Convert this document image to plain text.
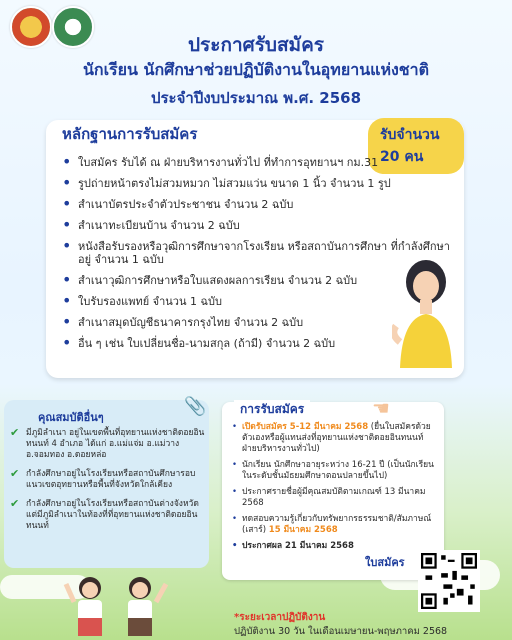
ประกาศรับสมัคร
นักเรียน นักศึกษาช่วยปฏิบัติงานในอุทยานแห่งชาติ
ประจำปีงบประมาณ พ.ศ. 2568
หลักฐานการรับสมัคร	รับจำนวน 20 คน
• ใบสมัคร รับได้ ณ ฝ่ายบริหารงานทั่วไป ที่ทำการอุทยานฯ กม.31
• รูปถ่ายหน้าตรงไม่สวมหมวก ไม่สวมแว่น ขนาด 1 นิ้ว จำนวน 1 รูป
• สำเนาบัตรประจำตัวประชาชน จำนวน 2 ฉบับ
• สำเนาทะเบียนบ้าน จำนวน 2 ฉบับ
• หนังสือรับรองหรือวุฒิการศึกษาจากโรงเรียน หรือสถาบันการศึกษา ที่กำลังศึกษาอยู่ จำนวน 1 ฉบับ
• สำเนาวุฒิการศึกษาหรือใบแสดงผลการเรียน จำนวน 2 ฉบับ
• ใบรับรองแพทย์ จำนวน 1 ฉบับ
• สำเนาสมุดบัญชีธนาคารกรุงไทย จำนวน 2 ฉบับ
• อื่น ๆ เช่น ใบเปลี่ยนชื่อ-นามสกุล (ถ้ามี) จำนวน 2 ฉบับ
คุณสมบัติอื่นๆ
📎
✔ มีภูมิลำเนา อยู่ในเขตพื้นที่อุทยานแห่งชาติดอยอินทนนท์ 4 อำเภอ ได้แก่ อ.แม่แจ่ม อ.แม่วาง อ.จอมทอง อ.ดอยหล่อ
✔ กำลังศึกษาอยู่ในโรงเรียนหรือสถาบันศึกษารอบแนวเขตอุทยานหรือพื้นที่จังหวัดใกล้เคียง
✔ กำลังศึกษาอยู่ในโรงเรียนหรือสถาบันต่างจังหวัด แต่มีภูมิลำเนาในท้องที่ที่อุทยานแห่งชาติดอยอินทนนท์
การรับสมัคร
• เปิดรับสมัคร 5-12 มีนาคม 2568 (ยื่นใบสมัครด้วยตัวเองหรือผู้แทนส่งที่อุทยานแห่งชาติดอยอินทนนท์ ฝ่ายบริหารงานทั่วไป)
• นักเรียน นักศึกษาอายุระหว่าง 16-21 ปี (เป็นนักเรียนในระดับชั้นมัธยมศึกษาตอนปลายขึ้นไป)
• ประกาศรายชื่อผู้มีคุณสมบัติตามเกณฑ์ 13 มีนาคม 2568
• ทดสอบความรู้เกี่ยวกับทรัพยากรธรรมชาติ/สัมภาษณ์ (เสาร์) 15 มีนาคม 2568
• ประกาศผล 21 มีนาคม 2568
☚
ใบสมัคร
*ระยะเวลาปฏิบัติงาน
ปฏิบัติงาน 30 วัน ในเดือนเมษายน-พฤษภาคม 2568
